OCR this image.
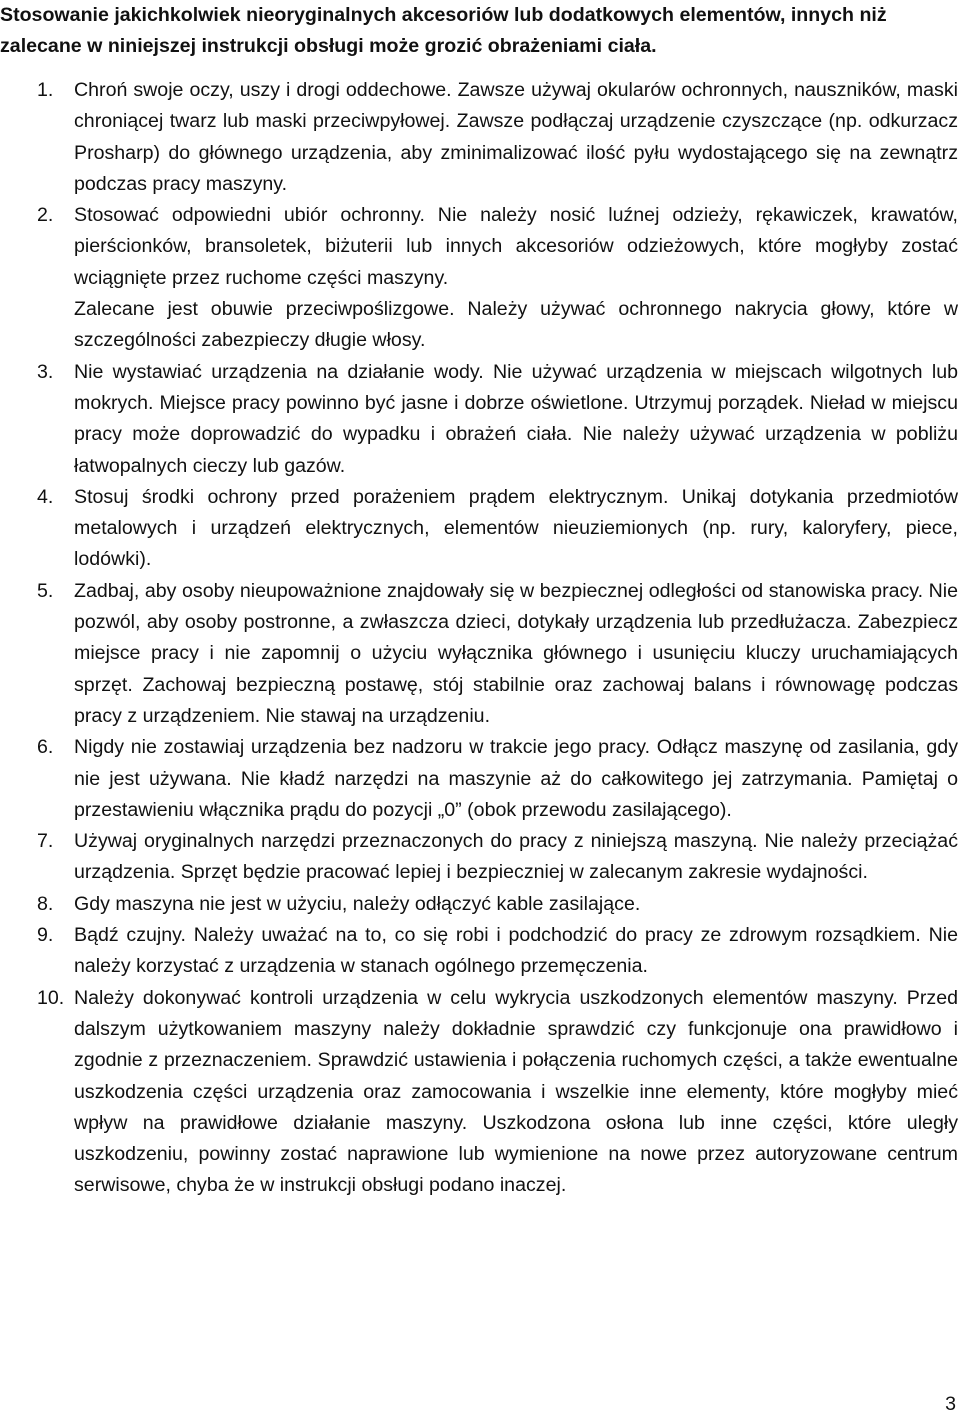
Stosowanie jakichkolwiek nieoryginalnych akcesoriów lub dodatkowych elementów, innych niż zalecane w niniejszej instrukcji obsługi może grozić obrażeniami ciała.

1. Chroń swoje oczy, uszy i drogi oddechowe. Zawsze używaj okularów ochronnych, nauszników, maski chroniącej twarz lub maski przeciwpyłowej. Zawsze podłączaj urządzenie czyszczące (np. odkurzacz Prosharp) do głównego urządzenia, aby zminimalizować ilość pyłu wydostającego się na zewnątrz podczas pracy maszyny.
2. Stosować odpowiedni ubiór ochronny. Nie należy nosić luźnej odzieży, rękawiczek, krawatów, pierścionków, bransoletek, biżuterii lub innych akcesoriów odzieżowych, które mogłyby zostać wciągnięte przez ruchome części maszyny.
Zalecane jest obuwie przeciwpoślizgowe. Należy używać ochronnego nakrycia głowy, które w szczególności zabezpieczy długie włosy.
3. Nie wystawiać urządzenia na działanie wody. Nie używać urządzenia w miejscach wilgotnych lub mokrych. Miejsce pracy powinno być jasne i dobrze oświetlone. Utrzymuj porządek. Nieład w miejscu pracy może doprowadzić do wypadku i obrażeń ciała. Nie należy używać urządzenia w pobliżu łatwopalnych cieczy lub gazów.
4. Stosuj środki ochrony przed porażeniem prądem elektrycznym. Unikaj dotykania przedmiotów metalowych i urządzeń elektrycznych, elementów nieuziemionych (np. rury, kaloryfery, piece, lodówki).
5. Zadbaj, aby osoby nieupoważnione znajdowały się w bezpiecznej odległości od stanowiska pracy. Nie pozwól, aby osoby postronne, a zwłaszcza dzieci, dotykały urządzenia lub przedłużacza. Zabezpiecz miejsce pracy i nie zapomnij o użyciu wyłącznika głównego i usunięciu kluczy uruchamiających sprzęt. Zachowaj bezpieczną postawę, stój stabilnie oraz zachowaj balans i równowagę podczas pracy z urządzeniem. Nie stawaj na urządzeniu.
6. Nigdy nie zostawiaj urządzenia bez nadzoru w trakcie jego pracy. Odłącz maszynę od zasilania, gdy nie jest używana. Nie kładź narzędzi na maszynie aż do całkowitego jej zatrzymania. Pamiętaj o przestawieniu włącznika prądu do pozycji „0” (obok przewodu zasilającego).
7. Używaj oryginalnych narzędzi przeznaczonych do pracy z niniejszą maszyną. Nie należy przeciążać urządzenia. Sprzęt będzie pracować lepiej i bezpieczniej w zalecanym zakresie wydajności.
8. Gdy maszyna nie jest w użyciu, należy odłączyć kable zasilające.
9. Bądź czujny. Należy uważać na to, co się robi i podchodzić do pracy ze zdrowym rozsądkiem. Nie należy korzystać z urządzenia w stanach ogólnego przemęczenia.
10. Należy dokonywać kontroli urządzenia w celu wykrycia uszkodzonych elementów maszyny. Przed dalszym użytkowaniem maszyny należy dokładnie sprawdzić czy funkcjonuje ona prawidłowo i zgodnie z przeznaczeniem. Sprawdzić ustawienia i połączenia ruchomych części, a także ewentualne uszkodzenia części urządzenia oraz zamocowania i wszelkie inne elementy, które mogłyby mieć wpływ na prawidłowe działanie maszyny. Uszkodzona osłona lub inne części, które uległy uszkodzeniu, powinny zostać naprawione lub wymienione na nowe przez autoryzowane centrum serwisowe, chyba że w instrukcji obsługi podano inaczej.
3
